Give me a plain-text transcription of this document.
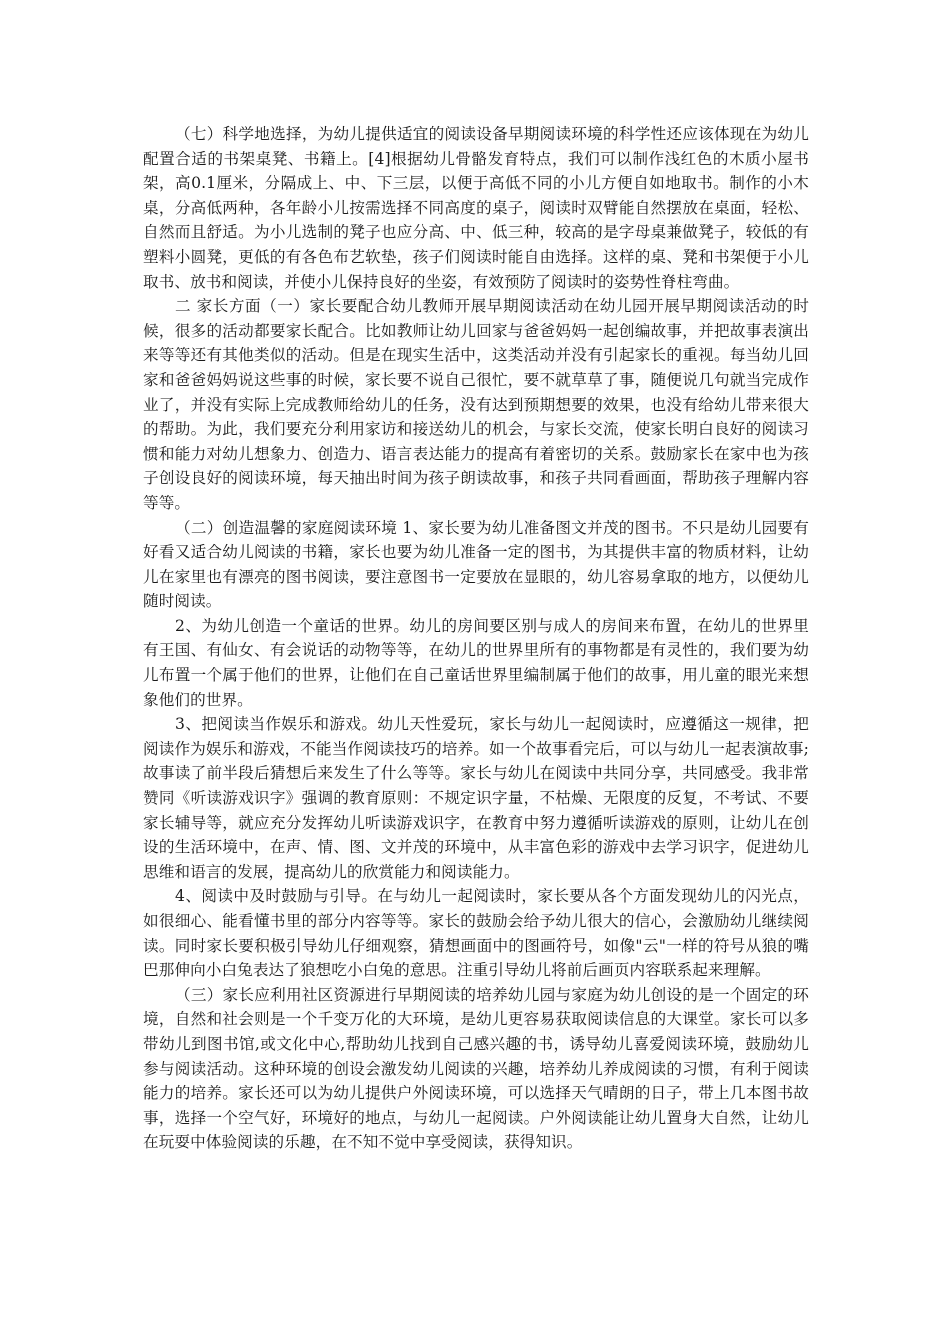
（七）科学地选择，为幼儿提供适宜的阅读设备早期阅读环境的科学性还应该体现在为幼儿配置合适的书架桌凳、书籍上。[4]根据幼儿骨骼发育特点，我们可以制作浅红色的木质小屋书架，高0.1厘米，分隔成上、中、下三层，以便于高低不同的小儿方便自如地取书。制作的小木桌，分高低两种，各年龄小儿按需选择不同高度的桌子，阅读时双臂能自然摆放在桌面，轻松、自然而且舒适。为小儿选制的凳子也应分高、中、低三种，较高的是字母桌兼做凳子，较低的有塑料小圆凳，更低的有各色布艺软垫，孩子们阅读时能自由选择。这样的桌、凳和书架便于小儿取书、放书和阅读，并使小儿保持良好的坐姿，有效预防了阅读时的姿势性脊柱弯曲。

二 家长方面（一）家长要配合幼儿教师开展早期阅读活动在幼儿园开展早期阅读活动的时候，很多的活动都要家长配合。比如教师让幼儿回家与爸爸妈妈一起创编故事，并把故事表演出来等等还有其他类似的活动。但是在现实生活中，这类活动并没有引起家长的重视。每当幼儿回家和爸爸妈妈说这些事的时候，家长要不说自己很忙，要不就草草了事，随便说几句就当完成作业了，并没有实际上完成教师给幼儿的任务，没有达到预期想要的效果，也没有给幼儿带来很大的帮助。为此，我们要充分利用家访和接送幼儿的机会，与家长交流，使家长明白良好的阅读习惯和能力对幼儿想象力、创造力、语言表达能力的提高有着密切的关系。鼓励家长在家中也为孩子创设良好的阅读环境，每天抽出时间为孩子朗读故事，和孩子共同看画面，帮助孩子理解内容等等。

（二）创造温馨的家庭阅读环境 1、家长要为幼儿准备图文并茂的图书。不只是幼儿园要有好看又适合幼儿阅读的书籍，家长也要为幼儿准备一定的图书，为其提供丰富的物质材料，让幼儿在家里也有漂亮的图书阅读，要注意图书一定要放在显眼的，幼儿容易拿取的地方，以便幼儿随时阅读。

2、为幼儿创造一个童话的世界。幼儿的房间要区别与成人的房间来布置，在幼儿的世界里有王国、有仙女、有会说话的动物等等，在幼儿的世界里所有的事物都是有灵性的，我们要为幼儿布置一个属于他们的世界，让他们在自己童话世界里编制属于他们的故事，用儿童的眼光来想象他们的世界。

3、把阅读当作娱乐和游戏。幼儿天性爱玩，家长与幼儿一起阅读时，应遵循这一规律，把阅读作为娱乐和游戏，不能当作阅读技巧的培养。如一个故事看完后，可以与幼儿一起表演故事;故事读了前半段后猜想后来发生了什么等等。家长与幼儿在阅读中共同分享，共同感受。我非常赞同《听读游戏识字》强调的教育原则：不规定识字量，不枯燥、无限度的反复，不考试、不要家长辅导等，就应充分发挥幼儿听读游戏识字，在教育中努力遵循听读游戏的原则，让幼儿在创设的生活环境中，在声、情、图、文并茂的环境中，从丰富色彩的游戏中去学习识字，促进幼儿思维和语言的发展，提高幼儿的欣赏能力和阅读能力。

4、阅读中及时鼓励与引导。在与幼儿一起阅读时，家长要从各个方面发现幼儿的闪光点，如很细心、能看懂书里的部分内容等等。家长的鼓励会给予幼儿很大的信心，会激励幼儿继续阅读。同时家长要积极引导幼儿仔细观察，猜想画面中的图画符号，如像"云"一样的符号从狼的嘴巴那伸向小白兔表达了狼想吃小白兔的意思。注重引导幼儿将前后画页内容联系起来理解。

（三）家长应利用社区资源进行早期阅读的培养幼儿园与家庭为幼儿创设的是一个固定的环境，自然和社会则是一个千变万化的大环境，是幼儿更容易获取阅读信息的大课堂。家长可以多带幼儿到图书馆,或文化中心,帮助幼儿找到自己感兴趣的书，诱导幼儿喜爱阅读环境，鼓励幼儿参与阅读活动。这种环境的创设会激发幼儿阅读的兴趣，培养幼儿养成阅读的习惯，有利于阅读能力的培养。家长还可以为幼儿提供户外阅读环境，可以选择天气晴朗的日子，带上几本图书故事，选择一个空气好，环境好的地点，与幼儿一起阅读。户外阅读能让幼儿置身大自然，让幼儿在玩耍中体验阅读的乐趣，在不知不觉中享受阅读，获得知识。
